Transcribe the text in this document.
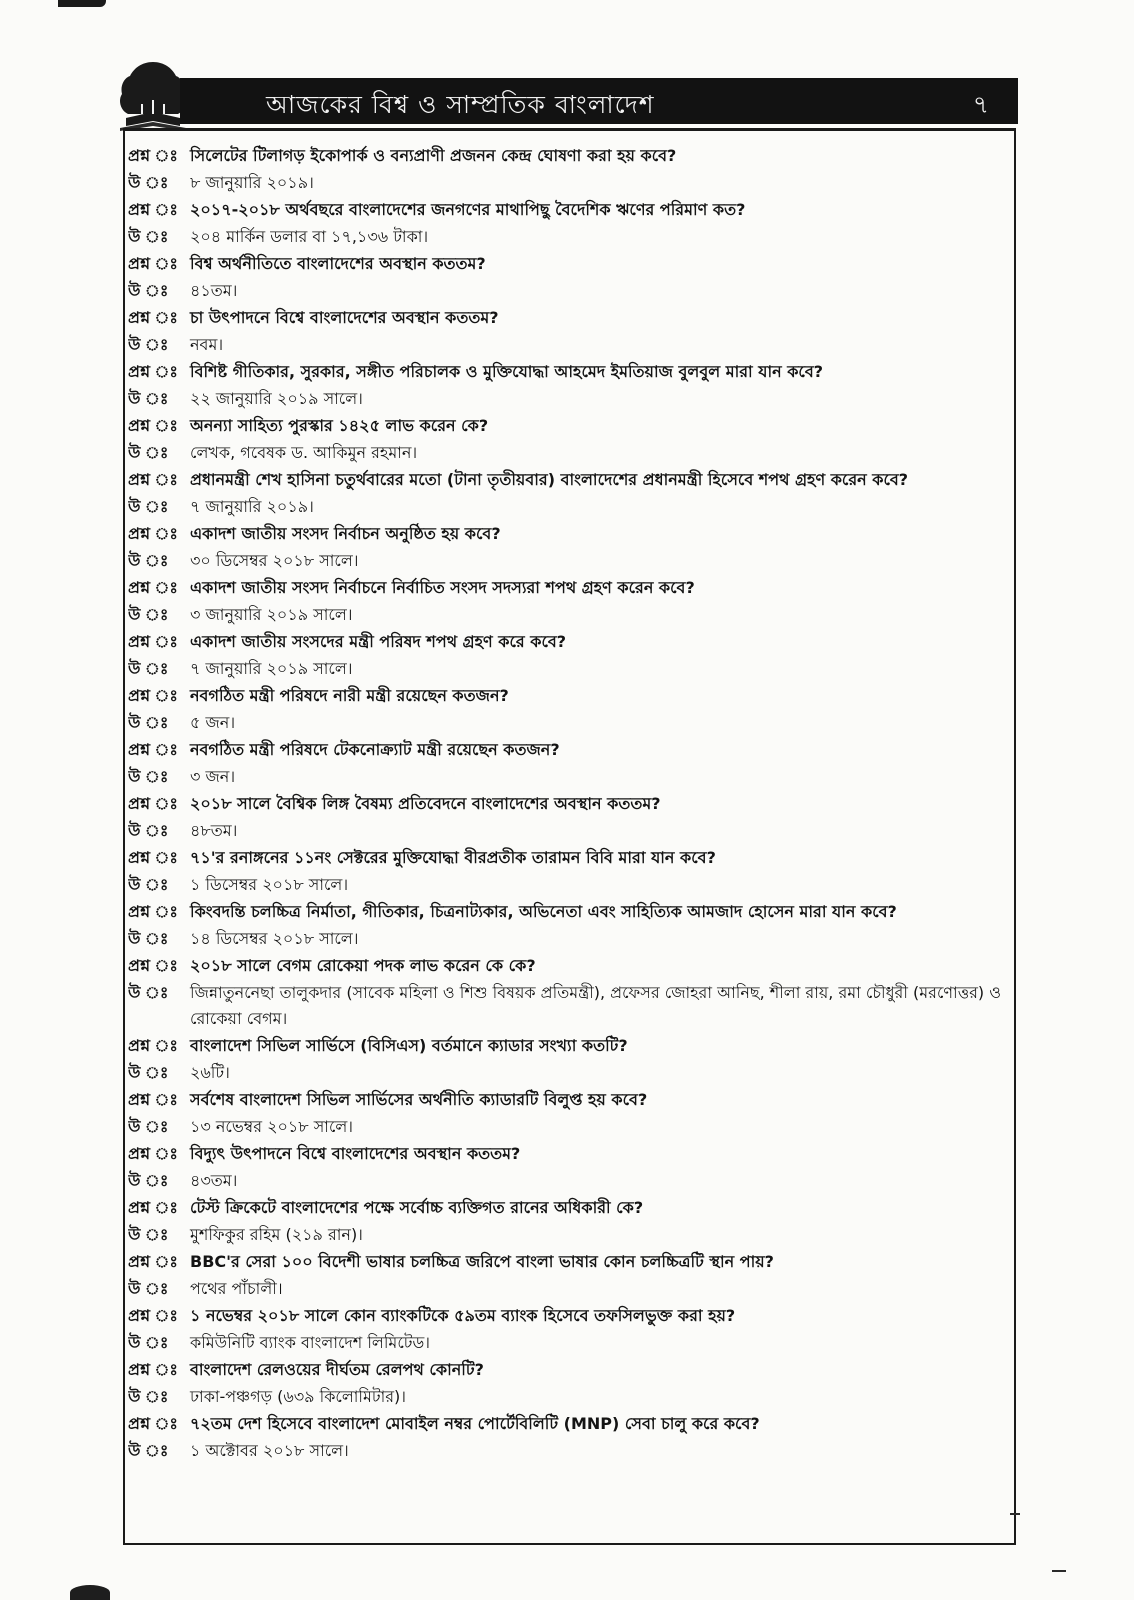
আজকের বিশ্ব ও সাম্প্রতিক বাংলাদেশ	৭
প্রশ্ন ঃ সিলেটের টিলাগড় ইকোপার্ক ও বন্যপ্রাণী প্রজনন কেন্দ্র ঘোষণা করা হয় কবে?
উ ঃ	৮ জানুয়ারি ২০১৯।
প্রশ্ন ঃ ২০১৭-২০১৮ অর্থবছরে বাংলাদেশের জনগণের মাথাপিছু বৈদেশিক ঋণের পরিমাণ কত?
উ ঃ	২০৪ মার্কিন ডলার বা ১৭,১৩৬ টাকা।
প্রশ্ন ঃ বিশ্ব অর্থনীতিতে বাংলাদেশের অবস্থান কততম?
উ ঃ	৪১তম।
প্রশ্ন ঃ চা উৎপাদনে বিশ্বে বাংলাদেশের অবস্থান কততম?
উ ঃ	নবম।
প্রশ্ন ঃ বিশিষ্ট গীতিকার, সুরকার, সঙ্গীত পরিচালক ও মুক্তিযোদ্ধা আহমেদ ইমতিয়াজ বুলবুল মারা যান কবে?
উ ঃ	২২ জানুয়ারি ২০১৯ সালে।
প্রশ্ন ঃ অনন্যা সাহিত্য পুরস্কার ১৪২৫ লাভ করেন কে?
উ ঃ	লেখক, গবেষক ড. আকিমুন রহমান।
প্রশ্ন ঃ প্রধানমন্ত্রী শেখ হাসিনা চতুর্থবারের মতো (টানা তৃতীয়বার) বাংলাদেশের প্রধানমন্ত্রী হিসেবে শপথ গ্রহণ করেন কবে?
উ ঃ	৭ জানুয়ারি ২০১৯।
প্রশ্ন ঃ একাদশ জাতীয় সংসদ নির্বাচন অনুষ্ঠিত হয় কবে?
উ ঃ	৩০ ডিসেম্বর ২০১৮ সালে।
প্রশ্ন ঃ একাদশ জাতীয় সংসদ নির্বাচনে নির্বাচিত সংসদ সদস্যরা শপথ গ্রহণ করেন কবে?
উ ঃ	৩ জানুয়ারি ২০১৯ সালে।
প্রশ্ন ঃ একাদশ জাতীয় সংসদের মন্ত্রী পরিষদ শপথ গ্রহণ করে কবে?
উ ঃ	৭ জানুয়ারি ২০১৯ সালে।
প্রশ্ন ঃ নবগঠিত মন্ত্রী পরিষদে নারী মন্ত্রী রয়েছেন কতজন?
উ ঃ	৫ জন।
প্রশ্ন ঃ নবগঠিত মন্ত্রী পরিষদে টেকনোক্র্যাট মন্ত্রী রয়েছেন কতজন?
উ ঃ	৩ জন।
প্রশ্ন ঃ ২০১৮ সালে বৈশ্বিক লিঙ্গ বৈষম্য প্রতিবেদনে বাংলাদেশের অবস্থান কততম?
উ ঃ	৪৮তম।
প্রশ্ন ঃ ৭১'র রনাঙ্গনের ১১নং সেক্টরের মুক্তিযোদ্ধা বীরপ্রতীক তারামন বিবি মারা যান কবে?
উ ঃ	১ ডিসেম্বর ২০১৮ সালে।
প্রশ্ন ঃ কিংবদন্তি চলচ্চিত্র নির্মাতা, গীতিকার, চিত্রনাট্যকার, অভিনেতা এবং সাহিত্যিক আমজাদ হোসেন মারা যান কবে?
উ ঃ	১৪ ডিসেম্বর ২০১৮ সালে।
প্রশ্ন ঃ ২০১৮ সালে বেগম রোকেয়া পদক লাভ করেন কে কে?
উ ঃ	জিন্নাতুননেছা তালুকদার (সাবেক মহিলা ও শিশু বিষয়ক প্রতিমন্ত্রী), প্রফেসর জোহরা আনিছ, শীলা রায়, রমা চৌধুরী (মরণোত্তর) ও রোকেয়া বেগম।
প্রশ্ন ঃ বাংলাদেশ সিভিল সার্ভিসে (বিসিএস) বর্তমানে ক্যাডার সংখ্যা কতটি?
উ ঃ	২৬টি।
প্রশ্ন ঃ সর্বশেষ বাংলাদেশ সিভিল সার্ভিসের অর্থনীতি ক্যাডারটি বিলুপ্ত হয় কবে?
উ ঃ	১৩ নভেম্বর ২০১৮ সালে।
প্রশ্ন ঃ বিদ্যুৎ উৎপাদনে বিশ্বে বাংলাদেশের অবস্থান কততম?
উ ঃ	৪৩তম।
প্রশ্ন ঃ টেস্ট ক্রিকেটে বাংলাদেশের পক্ষে সর্বোচ্চ ব্যক্তিগত রানের অধিকারী কে?
উ ঃ	মুশফিকুর রহিম (২১৯ রান)।
প্রশ্ন ঃ BBC'র সেরা ১০০ বিদেশী ভাষার চলচ্চিত্র জরিপে বাংলা ভাষার কোন চলচ্চিত্রটি স্থান পায়?
উ ঃ	পথের পাঁচালী।
প্রশ্ন ঃ ১ নভেম্বর ২০১৮ সালে কোন ব্যাংকটিকে ৫৯তম ব্যাংক হিসেবে তফসিলভুক্ত করা হয়?
উ ঃ	কমিউনিটি ব্যাংক বাংলাদেশ লিমিটেড।
প্রশ্ন ঃ বাংলাদেশ রেলওয়ের দীর্ঘতম রেলপথ কোনটি?
উ ঃ	ঢাকা-পঞ্চগড় (৬৩৯ কিলোমিটার)।
প্রশ্ন ঃ ৭২তম দেশ হিসেবে বাংলাদেশ মোবাইল নম্বর পোর্টেবিলিটি (MNP) সেবা চালু করে কবে?
উ ঃ	১ অক্টোবর ২০১৮ সালে।
